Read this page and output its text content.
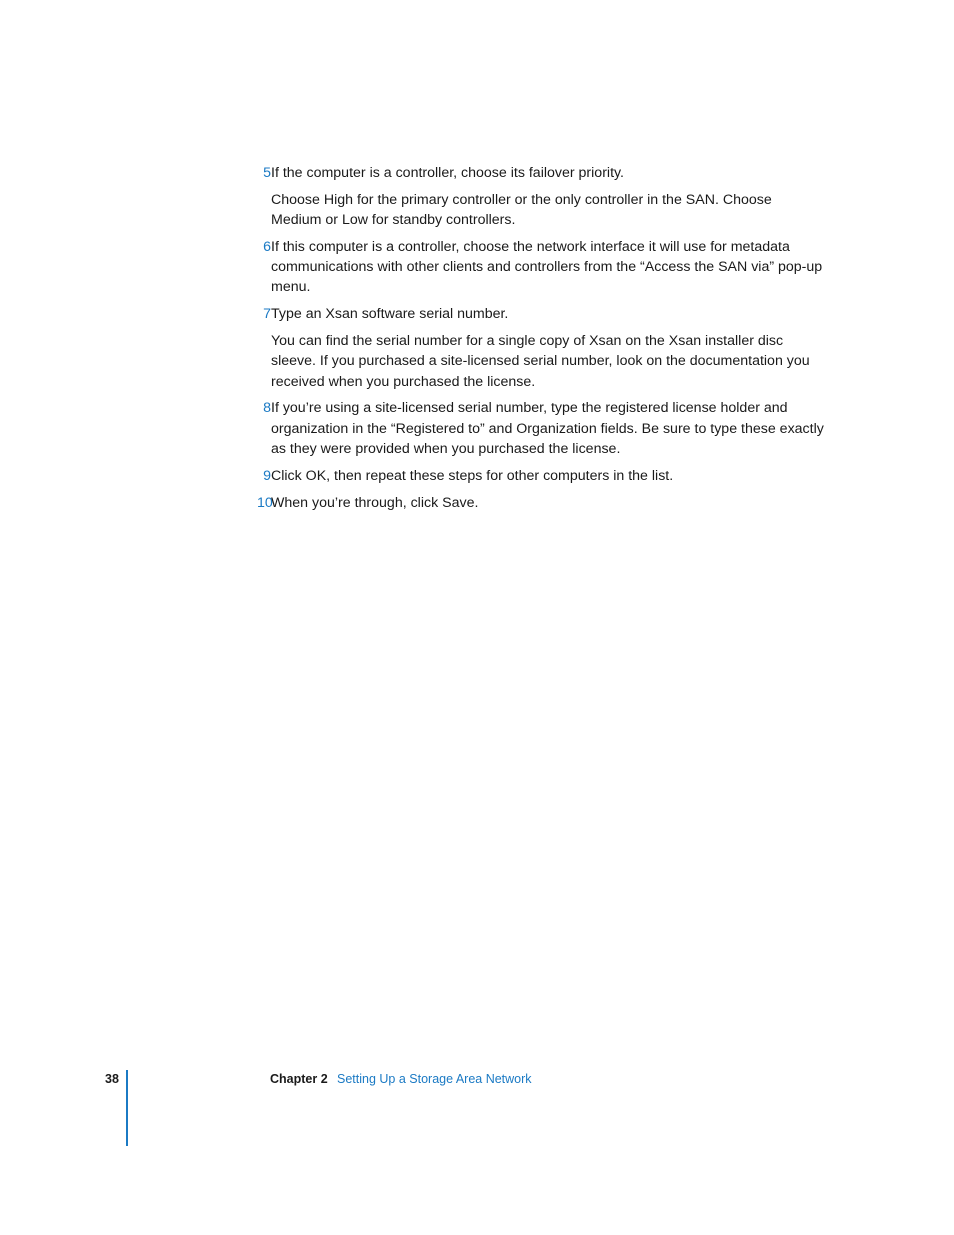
5 If the computer is a controller, choose its failover priority.

Choose High for the primary controller or the only controller in the SAN. Choose Medium or Low for standby controllers.

6 If this computer is a controller, choose the network interface it will use for metadata communications with other clients and controllers from the “Access the SAN via” pop-up menu.

7 Type an Xsan software serial number.

You can find the serial number for a single copy of Xsan on the Xsan installer disc sleeve. If you purchased a site-licensed serial number, look on the documentation you received when you purchased the license.

8 If you’re using a site-licensed serial number, type the registered license holder and organization in the “Registered to” and Organization fields. Be sure to type these exactly as they were provided when you purchased the license.

9 Click OK, then repeat these steps for other computers in the list.

10

When you’re through, click Save.

38	Chapter 2 Setting Up a Storage Area Network
